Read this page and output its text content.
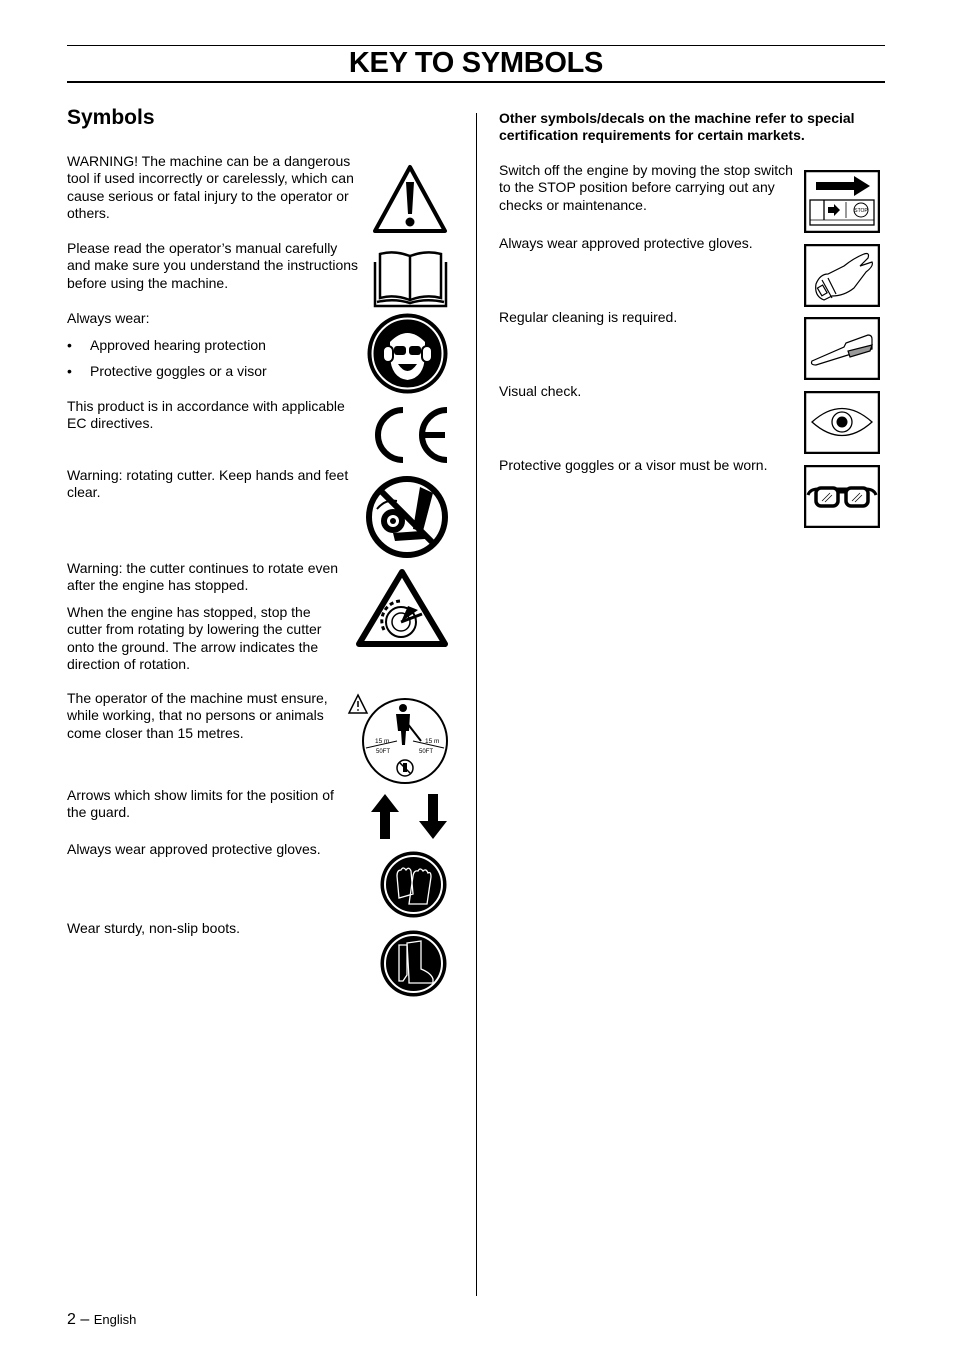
KEY TO SYMBOLS
Symbols
WARNING! The machine can be a dangerous tool if used incorrectly or carelessly, which can cause serious or fatal injury to the operator or others.
Please read the operator’s manual carefully and make sure you understand the instructions before using the machine.
Always wear:
• Approved hearing protection
• Protective goggles or a visor
This product is in accordance with applicable EC directives.
Warning: rotating cutter. Keep hands and feet clear.
Warning: the cutter continues to rotate even after the engine has stopped.
When the engine has stopped, stop the cutter from rotating by lowering the cutter onto the ground. The arrow indicates the direction of rotation.
The operator of the machine must ensure, while working, that no persons or animals come closer than 15 metres.
15 m
50FT
15 m
50FT
Arrows which show limits for the position of the guard.
Always wear approved protective gloves.
Wear sturdy, non-slip boots.
Other symbols/decals on the machine refer to special certification requirements for certain markets.
Switch off the engine by moving the stop switch to the STOP position before carrying out any checks or maintenance.	STOP
Always wear approved protective gloves.
Regular cleaning is required.
Visual check.
Protective goggles or a visor must be worn.
2 – English
